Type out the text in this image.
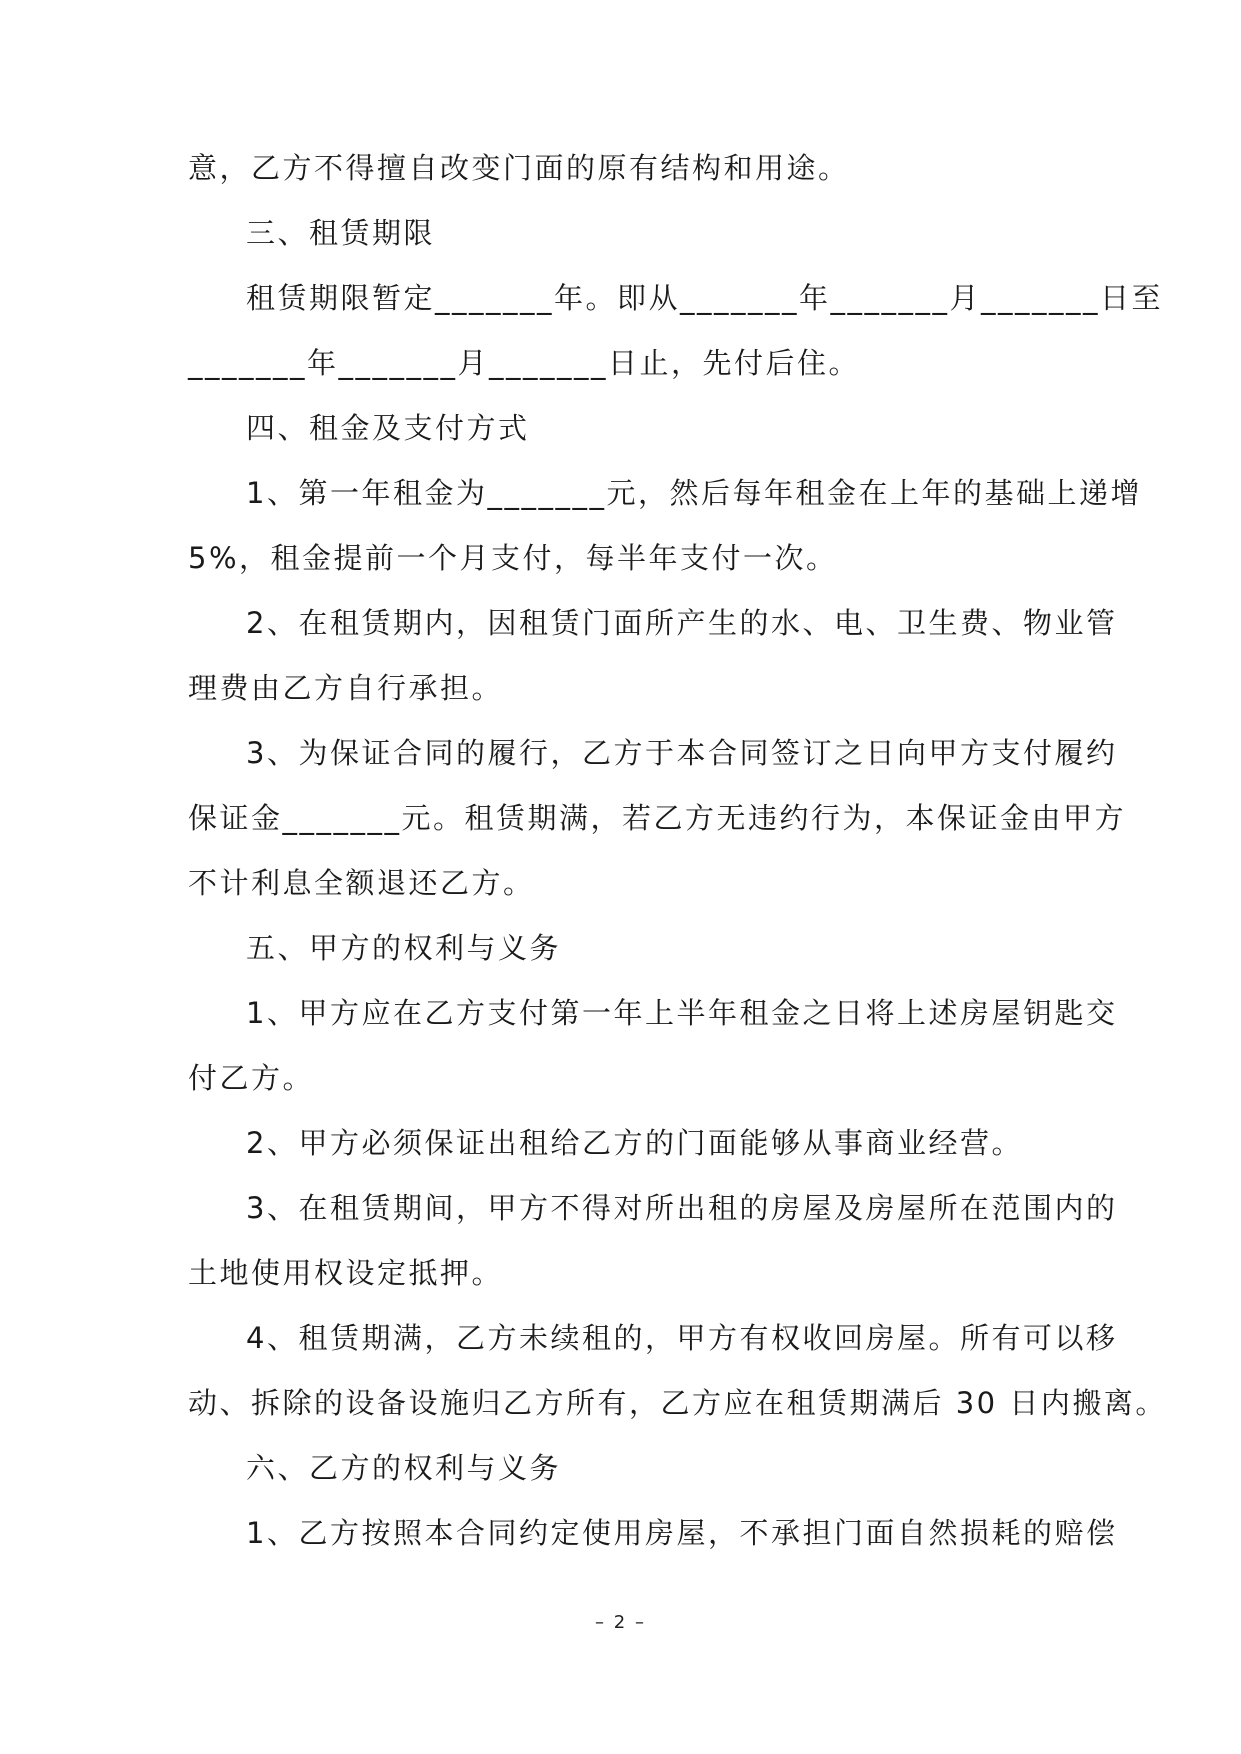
意，乙方不得擅自改变门面的原有结构和用途。
三、租赁期限
租赁期限暂定_______年。即从_______年_______月_______日至
_______年_______月_______日止，先付后住。
四、租金及支付方式
1、第一年租金为_______元，然后每年租金在上年的基础上递增
5%，租金提前一个月支付，每半年支付一次。
2、在租赁期内，因租赁门面所产生的水、电、卫生费、物业管
理费由乙方自行承担。
3、为保证合同的履行，乙方于本合同签订之日向甲方支付履约
保证金_______元。租赁期满，若乙方无违约行为，本保证金由甲方
不计利息全额退还乙方。
五、甲方的权利与义务
1、甲方应在乙方支付第一年上半年租金之日将上述房屋钥匙交
付乙方。
2、甲方必须保证出租给乙方的门面能够从事商业经营。
3、在租赁期间，甲方不得对所出租的房屋及房屋所在范围内的
土地使用权设定抵押。
4、租赁期满，乙方未续租的，甲方有权收回房屋。所有可以移
动、拆除的设备设施归乙方所有，乙方应在租赁期满后 30 日内搬离。
六、乙方的权利与义务
1、乙方按照本合同约定使用房屋，不承担门面自然损耗的赔偿
– 2 –
